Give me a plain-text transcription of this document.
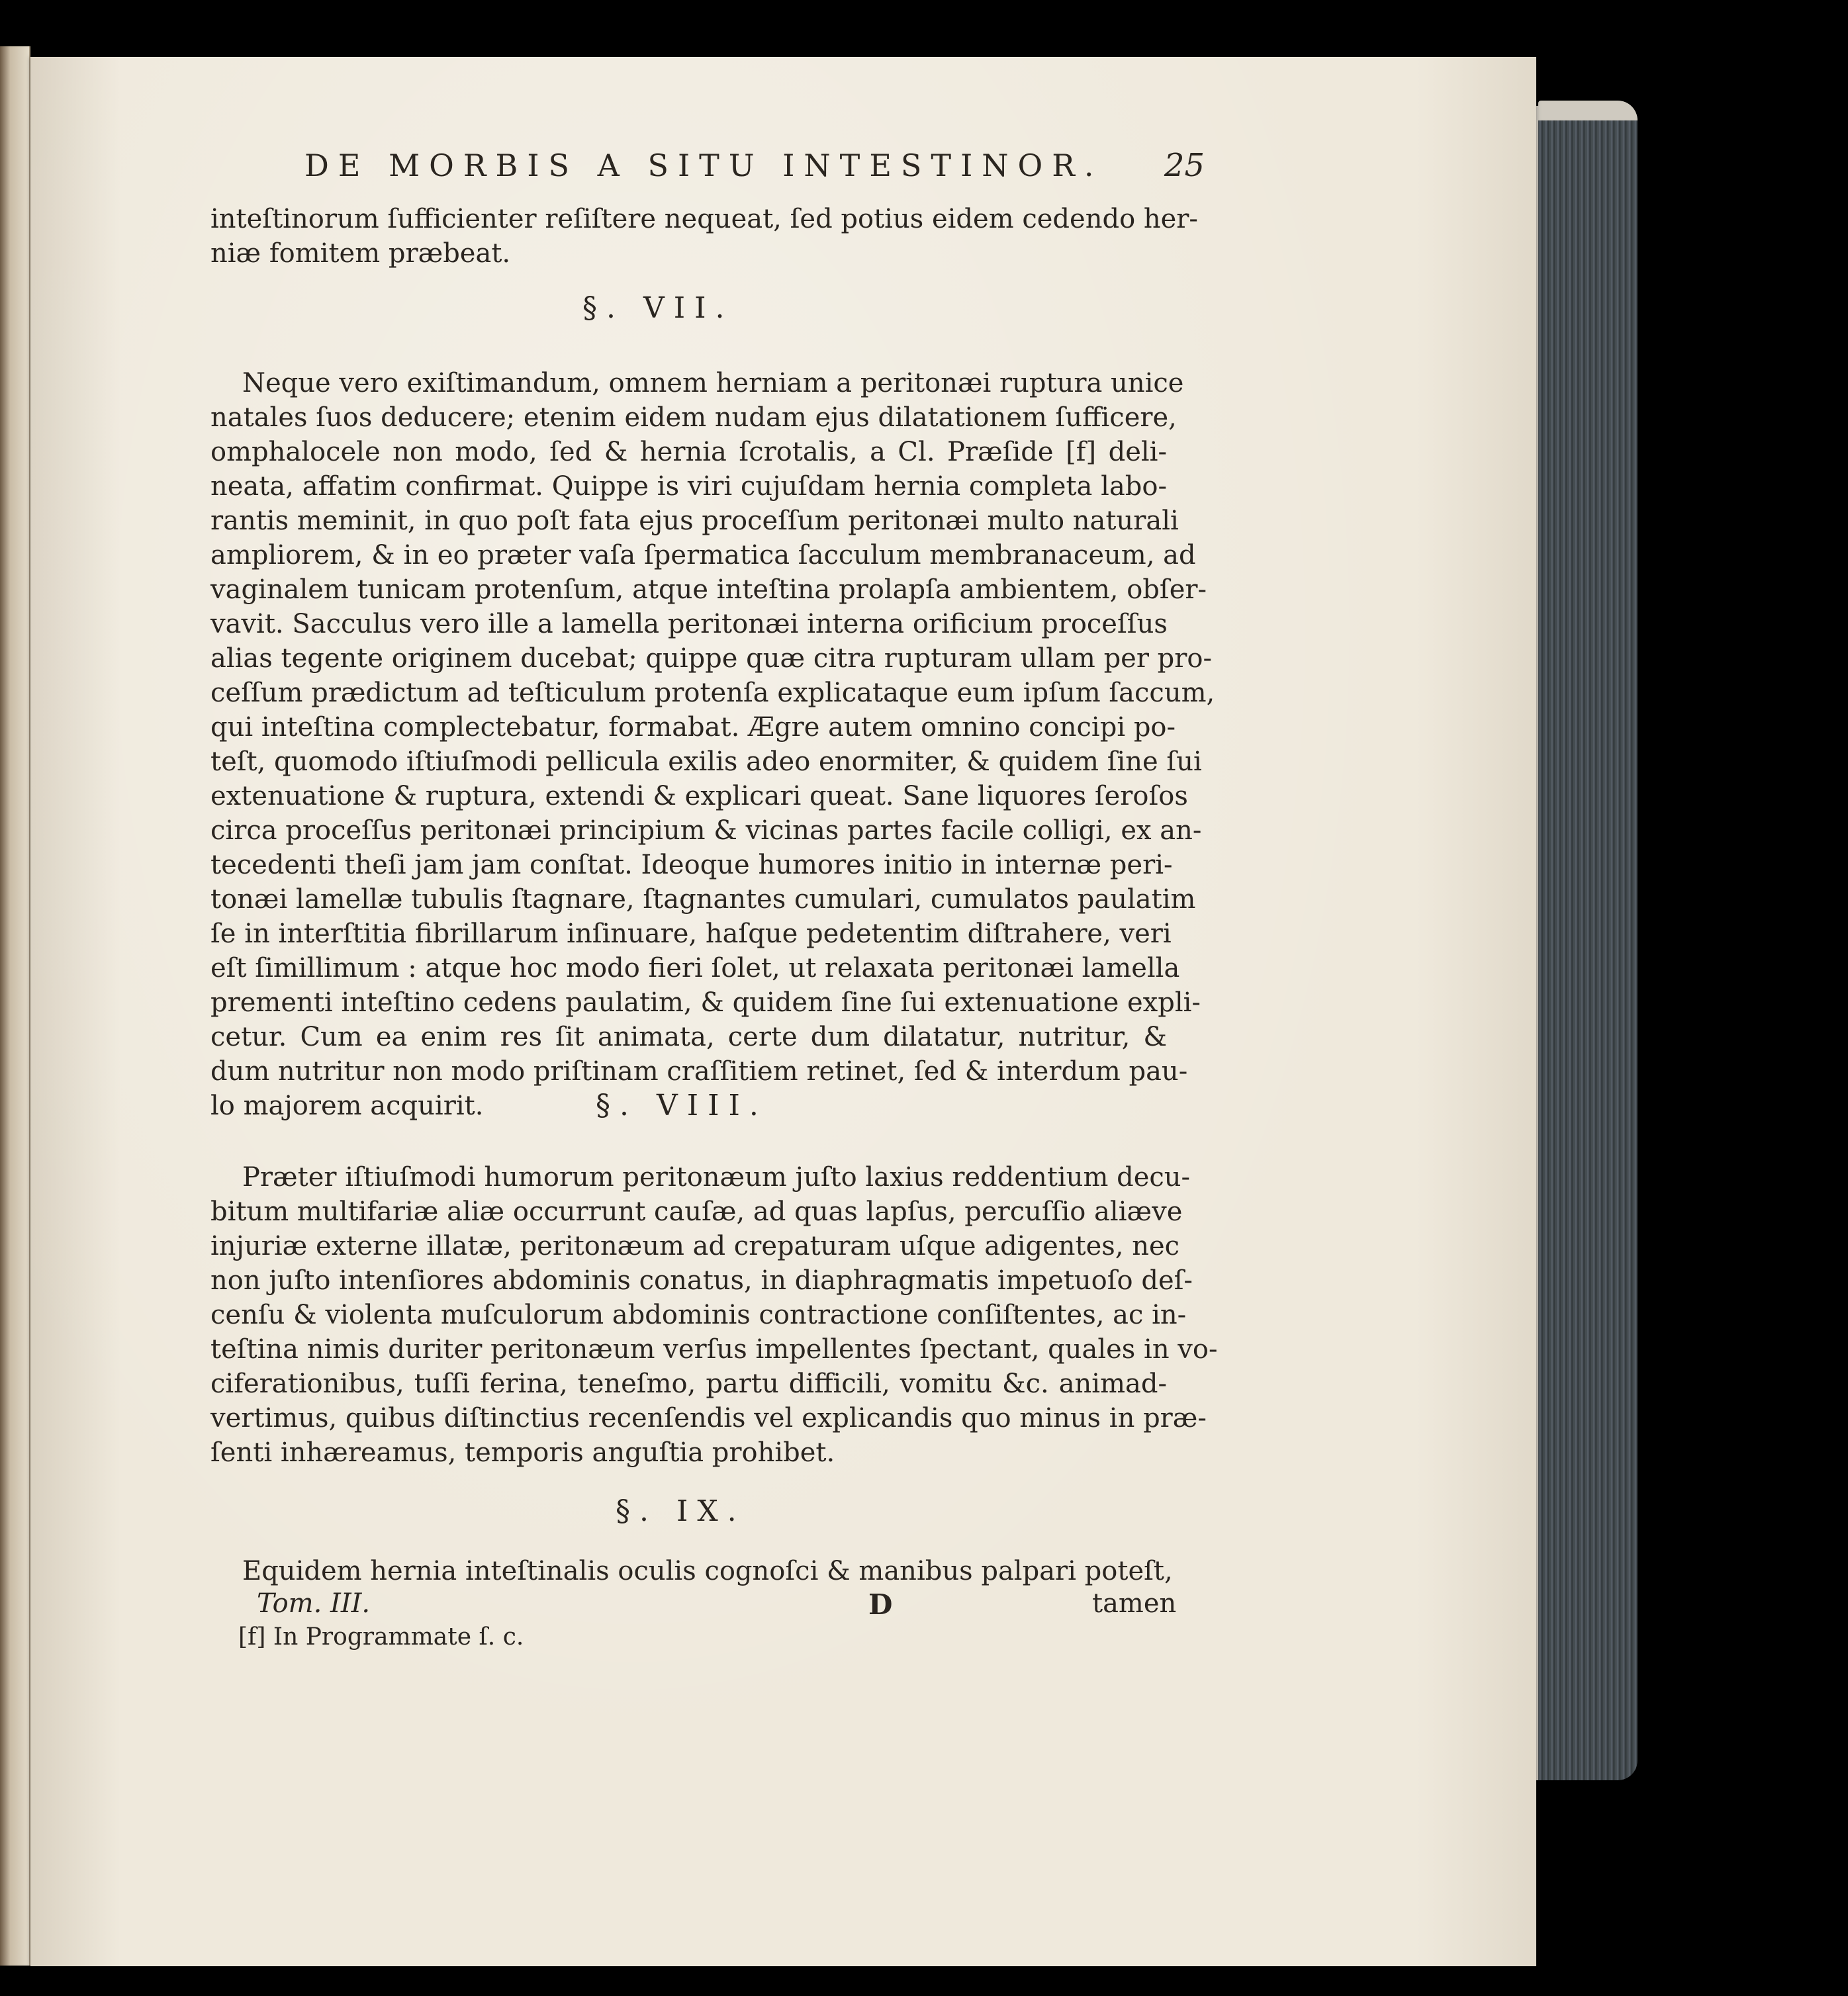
DE MORBIS A SITU INTESTINOR. 25
inteſtinorum ſufficienter reſiſtere nequeat, ſed potius eidem cedendo her-
niæ fomitem præbeat.
§. VII.
Neque vero exiſtimandum, omnem herniam a peritonæi ruptura unice
natales ſuos deducere; etenim eidem nudam ejus dilatationem ſufficere,
omphalocele non modo, ſed & hernia ſcrotalis, a Cl. Præſide [f] deli-
neata, affatim confirmat. Quippe is viri cujuſdam hernia completa labo-
rantis meminit, in quo poſt fata ejus proceſſum peritonæi multo naturali
ampliorem, & in eo præter vaſa ſpermatica ſacculum membranaceum, ad
vaginalem tunicam protenſum, atque inteſtina prolapſa ambientem, obſer-
vavit. Sacculus vero ille a lamella peritonæi interna orificium proceſſus
alias tegente originem ducebat; quippe quæ citra rupturam ullam per pro-
ceſſum prædictum ad teſticulum protenſa explicataque eum ipſum ſaccum,
qui inteſtina complectebatur, formabat. Ægre autem omnino concipi po-
teſt, quomodo iſtiuſmodi pellicula exilis adeo enormiter, & quidem ſine ſui
extenuatione & ruptura, extendi & explicari queat. Sane liquores ſeroſos
circa proceſſus peritonæi principium & vicinas partes facile colligi, ex an-
tecedenti theſi jam jam conſtat. Ideoque humores initio in internæ peri-
tonæi lamellæ tubulis ſtagnare, ſtagnantes cumulari, cumulatos paulatim
ſe in interſtitia fibrillarum inſinuare, haſque pedetentim diſtrahere, veri
eſt ſimillimum : atque hoc modo fieri ſolet, ut relaxata peritonæi lamella
prementi inteſtino cedens paulatim, & quidem ſine ſui extenuatione expli-
cetur. Cum ea enim res ſit animata, certe dum dilatatur, nutritur, &
dum nutritur non modo priſtinam craſſitiem retinet, ſed & interdum pau-
lo majorem acquirit.	§. VIII.
Præter iſtiuſmodi humorum peritonæum juſto laxius reddentium decu-
bitum multifariæ aliæ occurrunt cauſæ, ad quas lapſus, percuſſio aliæve
injuriæ externe illatæ, peritonæum ad crepaturam uſque adigentes, nec
non juſto intenſiores abdominis conatus, in diaphragmatis impetuoſo deſ-
cenſu & violenta muſculorum abdominis contractione conſiſtentes, ac in-
teſtina nimis duriter peritonæum verſus impellentes ſpectant, quales in vo-
ciferationibus, tuſſi ferina, teneſmo, partu difficili, vomitu &c. animad-
vertimus, quibus diſtinctius recenſendis vel explicandis quo minus in præ-
ſenti inhæreamus, temporis anguſtia prohibet.
§. IX.
Equidem hernia inteſtinalis oculis cognoſci & manibus palpari poteſt,
Tom. III.	D	tamen
[f] In Programmate ſ. c.
